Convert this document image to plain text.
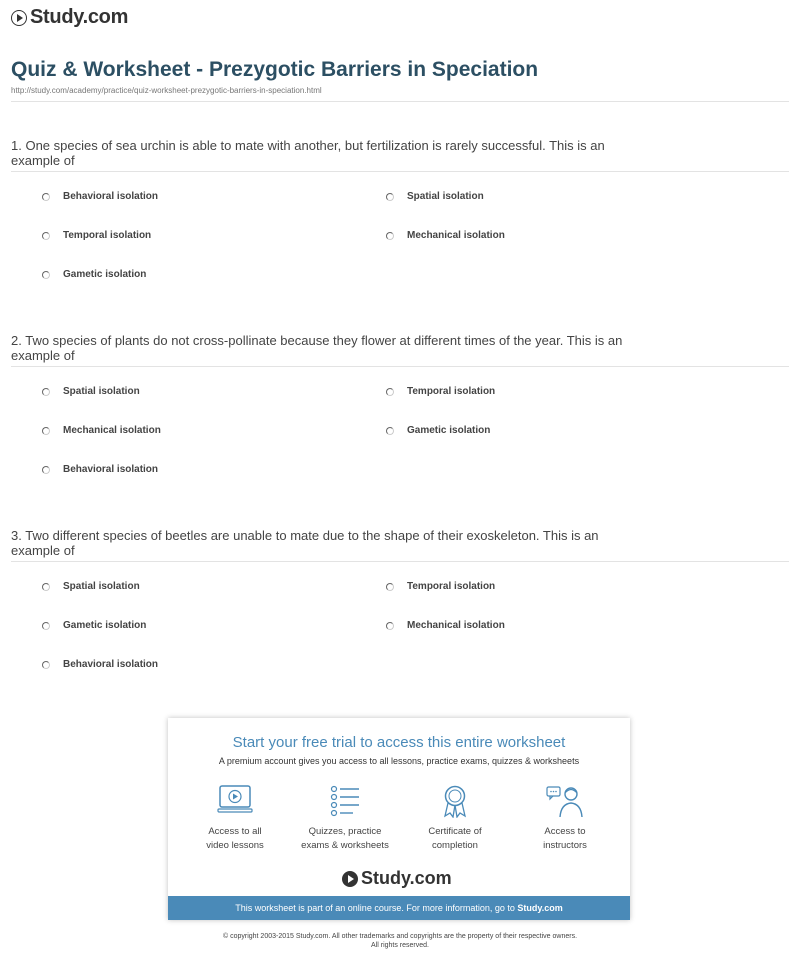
Study.com
Quiz & Worksheet - Prezygotic Barriers in Speciation
http://study.com/academy/practice/quiz-worksheet-prezygotic-barriers-in-speciation.html
1. One species of sea urchin is able to mate with another, but fertilization is rarely successful. This is an example of
Behavioral isolation	Spatial isolation
Temporal isolation	Mechanical isolation
Gametic isolation
2. Two species of plants do not cross-pollinate because they flower at different times of the year. This is an example of
Spatial isolation	Temporal isolation
Mechanical isolation	Gametic isolation
Behavioral isolation
3. Two different species of beetles are unable to mate due to the shape of their exoskeleton. This is an example of
Spatial isolation	Temporal isolation
Gametic isolation	Mechanical isolation
Behavioral isolation
Start your free trial to access this entire worksheet
A premium account gives you access to all lessons, practice exams, quizzes & worksheets
Access to all
video lessons
Quizzes, practice
exams & worksheets
Certificate of
completion
Access to
instructors
Study.com
This worksheet is part of an online course. For more information, go to Study.com
© copyright 2003-2015 Study.com. All other trademarks and copyrights are the property of their respective owners.
All rights reserved.
